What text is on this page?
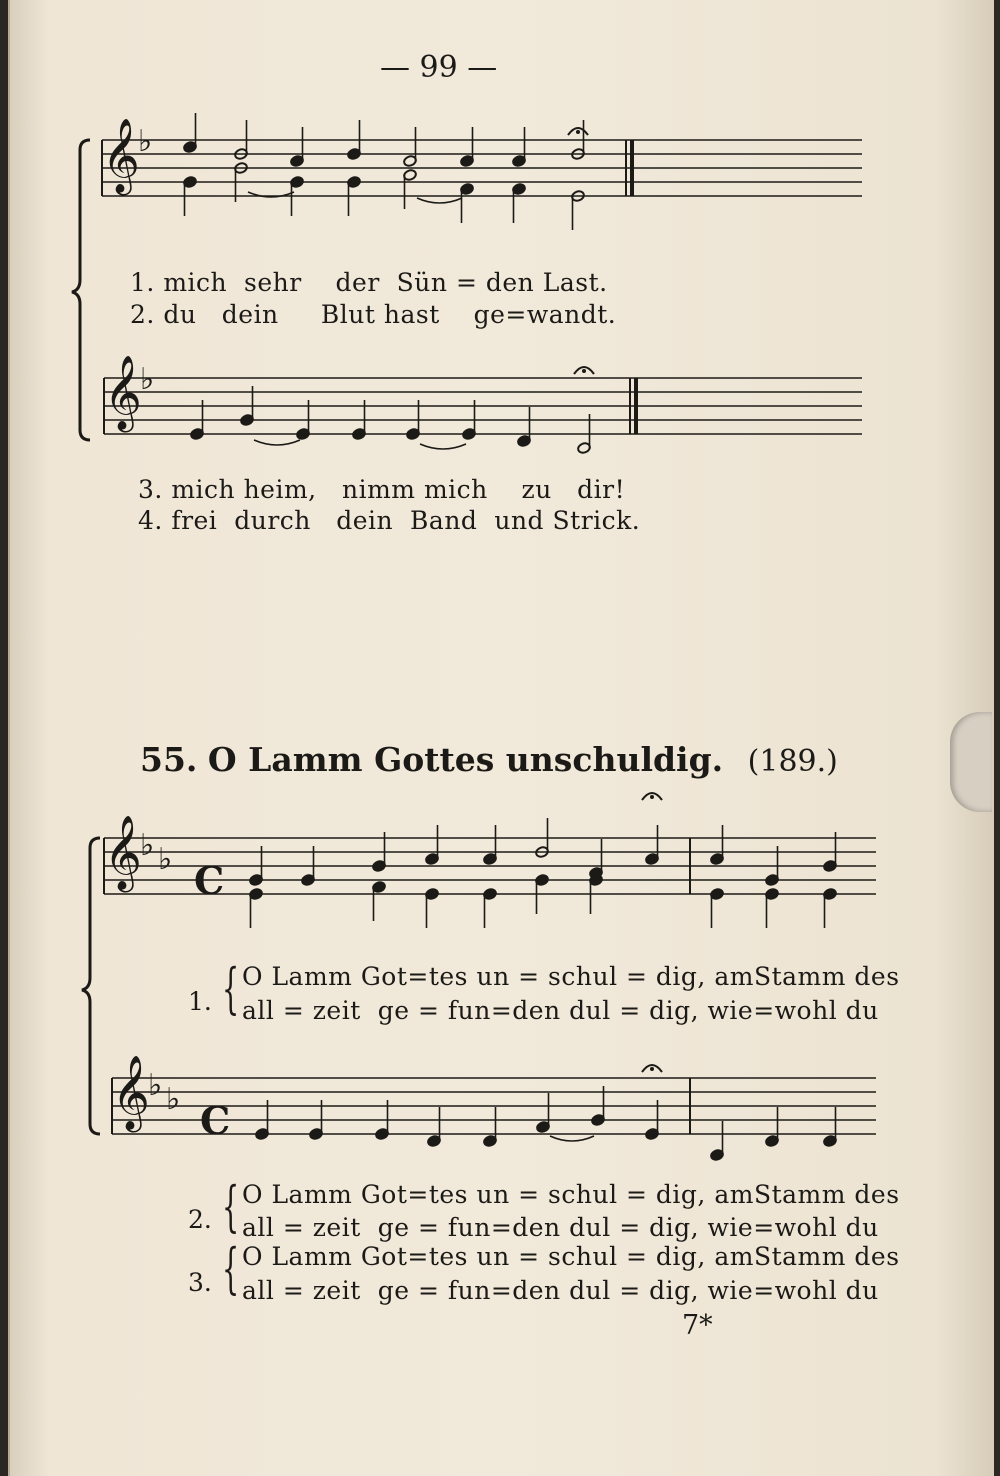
𝄞
♭
𝄞
♭
𝄞
♭ ♭ C
𝄞
♭ ♭ C
— 99 —
1. mich sehr der Sün = den Last.
2. du dein Blut hast ge=wandt.
3. mich heim, nimm mich zu dir!
4. frei durch dein Band und Strick.
55. O Lamm Gottes unschuldig. (189.)
1. { O Lamm Got=tes un = schul = dig, amStamm des
all = zeit ge = fun=den dul = dig, wie=wohl du
2. { O Lamm Got=tes un = schul = dig, amStamm des
all = zeit ge = fun=den dul = dig, wie=wohl du
3. { O Lamm Got=tes un = schul = dig, amStamm des
all = zeit ge = fun=den dul = dig, wie=wohl du
7*
